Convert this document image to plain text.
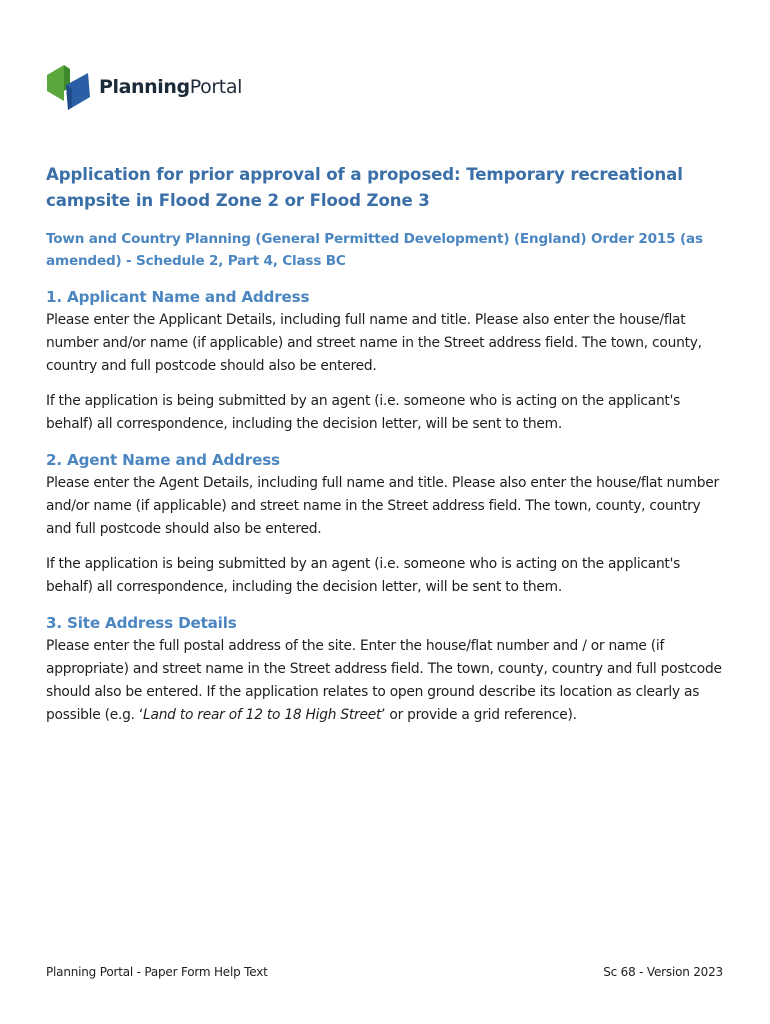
PlanningPortal
Application for prior approval of a proposed: Temporary recreational campsite in Flood Zone 2 or Flood Zone 3
Town and Country Planning (General Permitted Development) (England) Order 2015 (as amended) - Schedule 2, Part 4, Class BC
1. Applicant Name and Address

Please enter the Applicant Details, including full name and title. Please also enter the house/flat number and/or name (if applicable) and street name in the Street address field. The town, county, country and full postcode should also be entered.

If the application is being submitted by an agent (i.e. someone who is acting on the applicant's behalf) all correspondence, including the decision letter, will be sent to them.

2. Agent Name and Address

Please enter the Agent Details, including full name and title. Please also enter the house/flat number and/or name (if applicable) and street name in the Street address field. The town, county, country and full postcode should also be entered.

If the application is being submitted by an agent (i.e. someone who is acting on the applicant's behalf) all correspondence, including the decision letter, will be sent to them.

3. Site Address Details

Please enter the full postal address of the site. Enter the house/flat number and / or name (if appropriate) and street name in the Street address field. The town, county, country and full postcode should also be entered. If the application relates to open ground describe its location as clearly as possible (e.g. ‘Land to rear of 12 to 18 High Street’ or provide a grid reference).

Planning Portal - Paper Form Help Text	Sc 68 - Version 2023
